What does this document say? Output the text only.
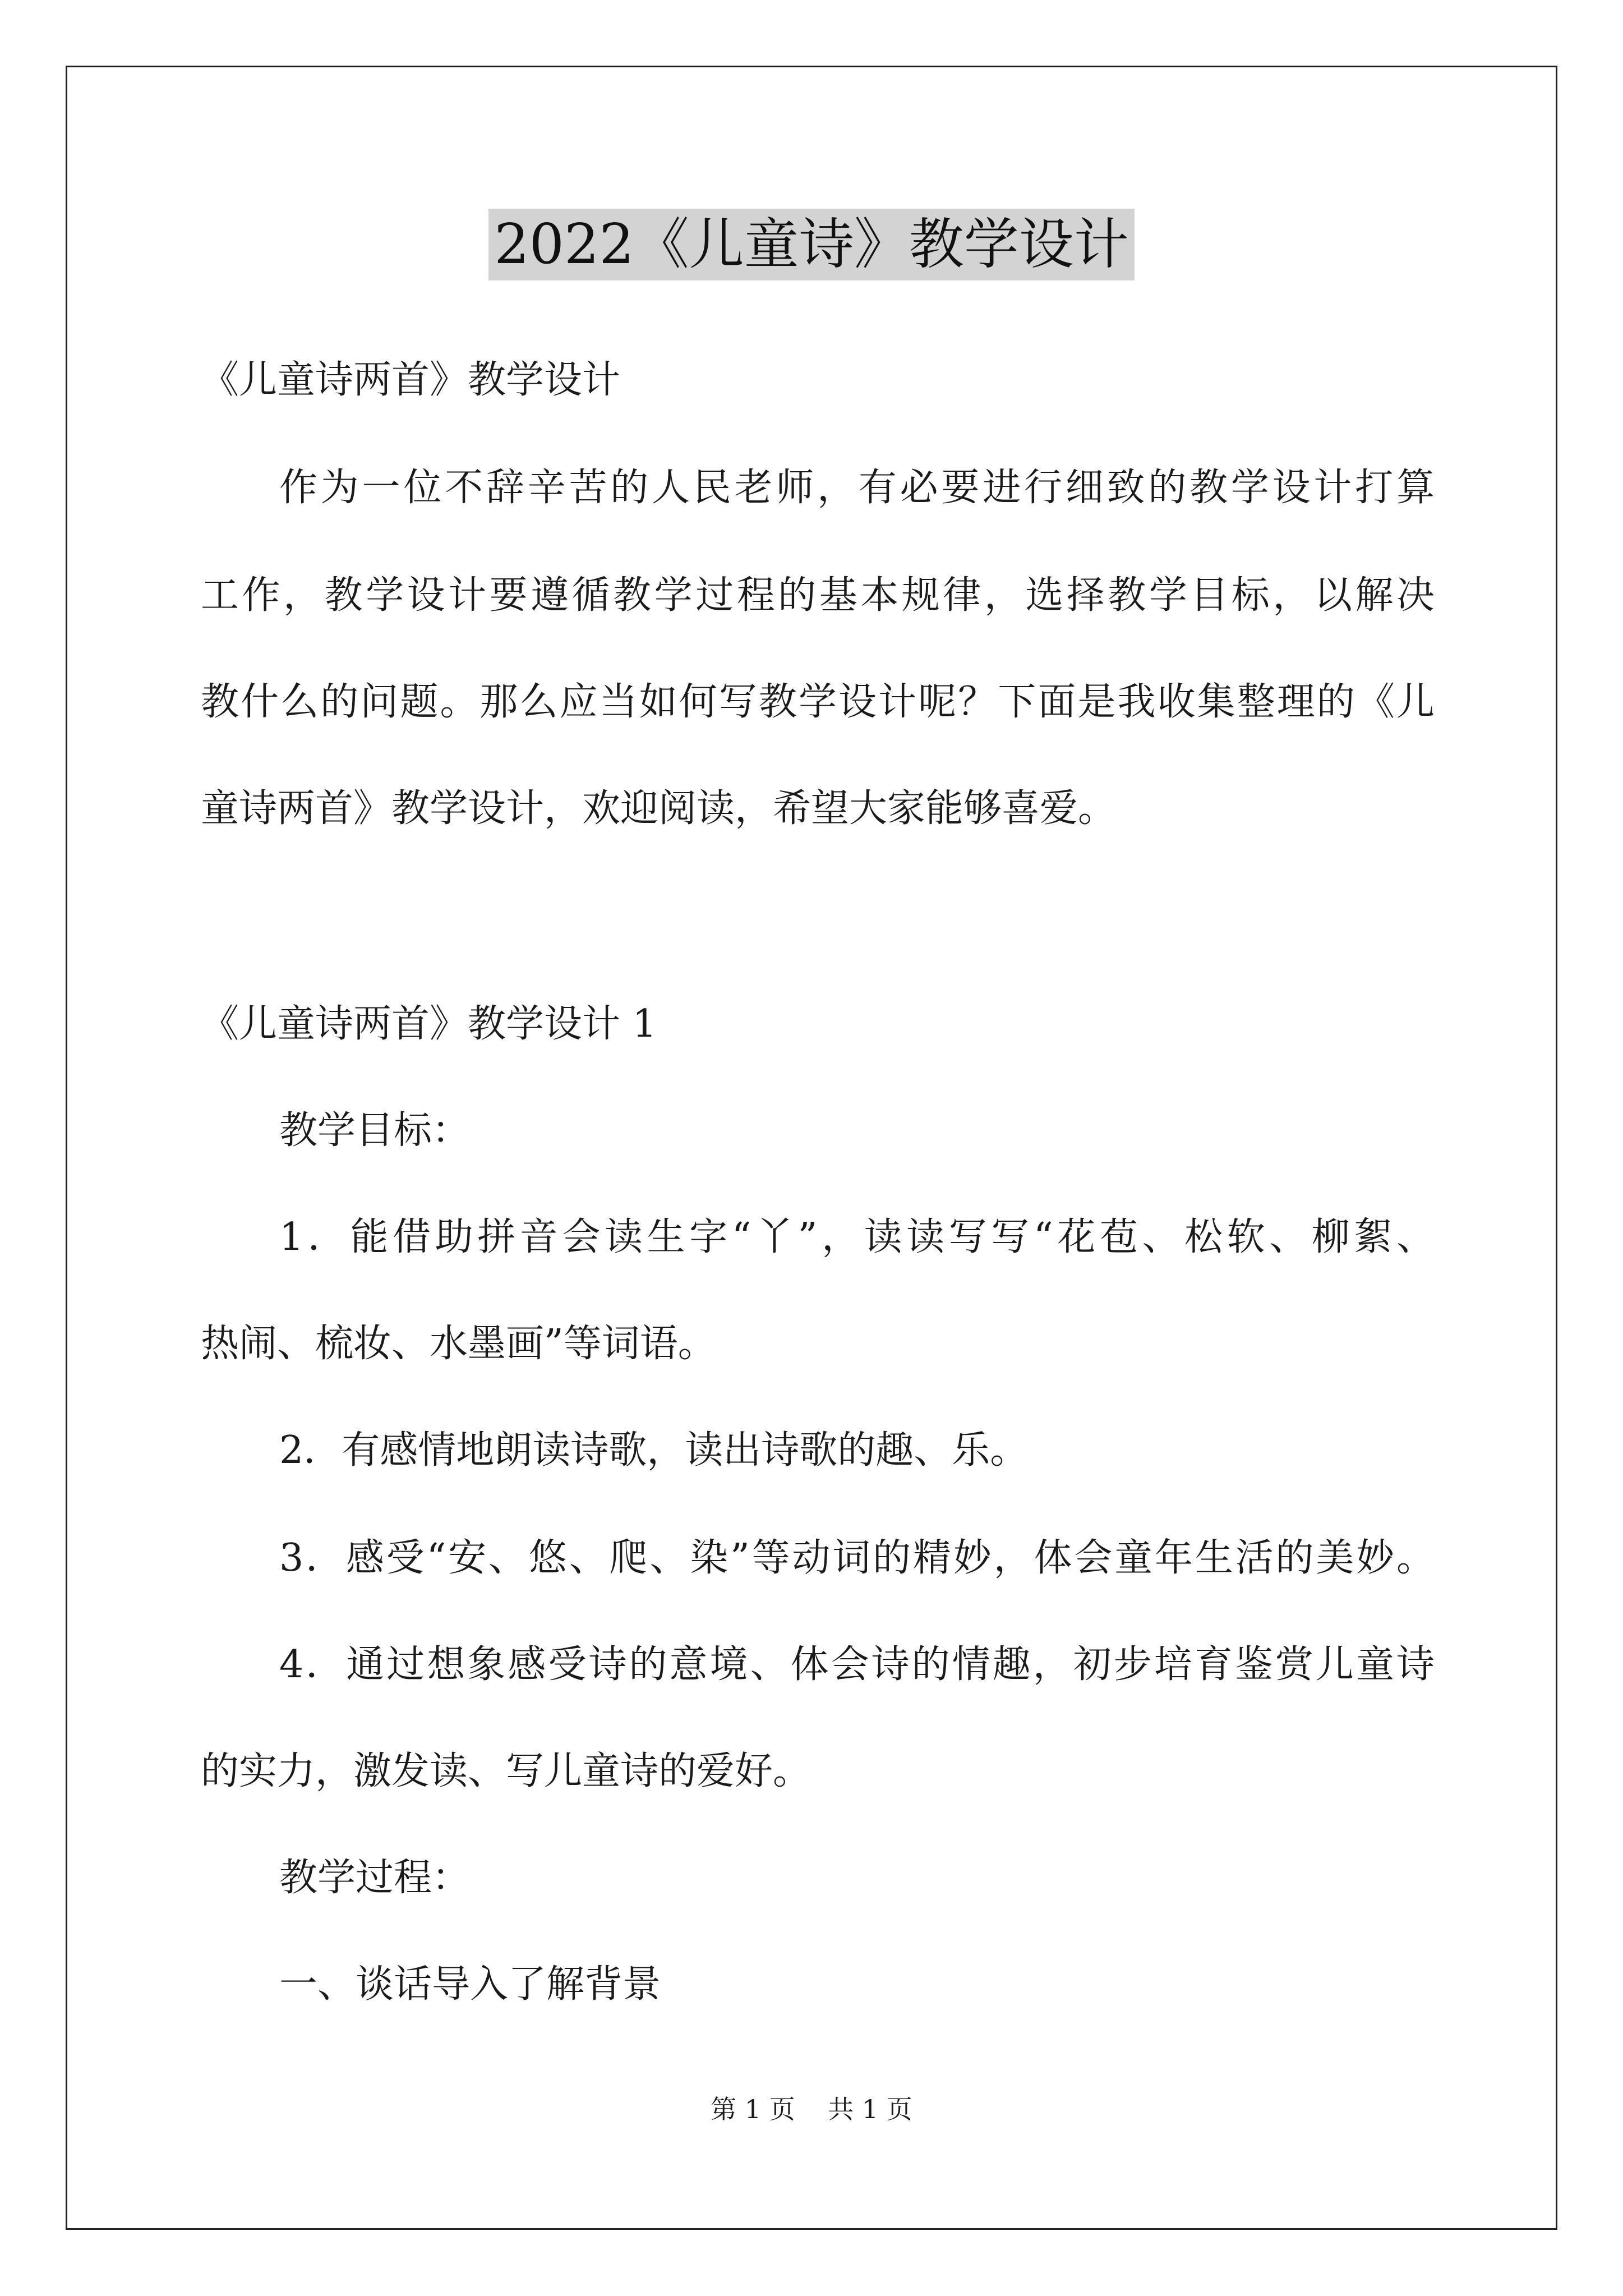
2022《儿童诗》教学设计
《儿童诗两首》教学设计
作为一位不辞辛苦的人民老师，有必要进行细致的教学设计打算
工作，教学设计要遵循教学过程的基本规律，选择教学目标，以解决
教什么的问题。那么应当如何写教学设计呢？下面是我收集整理的《儿
童诗两首》教学设计，欢迎阅读，希望大家能够喜爱。
《儿童诗两首》教学设计 1
教学目标：
1．能借助拼音会读生字“丫”，读读写写“花苞、松软、柳絮、
热闹、梳妆、水墨画”等词语。
2．有感情地朗读诗歌，读出诗歌的趣、乐。
3．感受“安、悠、爬、染”等动词的精妙，体会童年生活的美妙。
4．通过想象感受诗的意境、体会诗的情趣，初步培育鉴赏儿童诗
的实力，激发读、写儿童诗的爱好。
教学过程：
一、谈话导入了解背景
第 1 页    共 1 页
